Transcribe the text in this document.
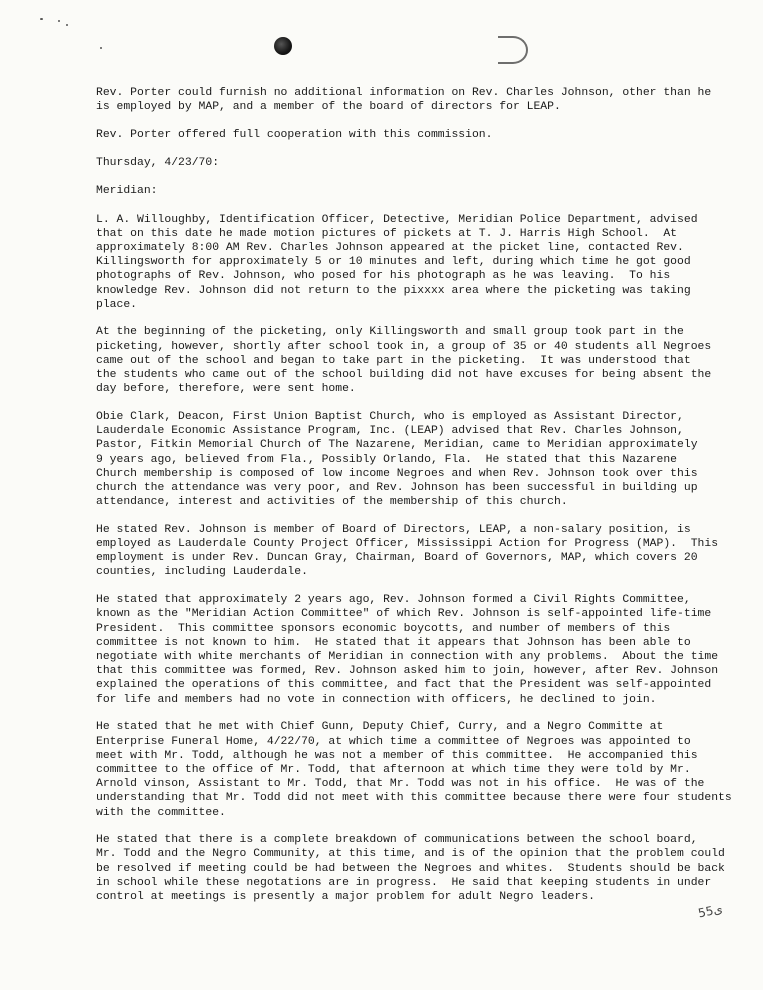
Rev. Porter could furnish no additional information on Rev. Charles Johnson, other than he
is employed by MAP, and a member of the board of directors for LEAP.

Rev. Porter offered full cooperation with this commission.

Thursday, 4/23/70:

Meridian:

L. A. Willoughby, Identification Officer, Detective, Meridian Police Department, advised
that on this date he made motion pictures of pickets at T. J. Harris High School.  At
approximately 8:00 AM Rev. Charles Johnson appeared at the picket line, contacted Rev.
Killingsworth for approximately 5 or 10 minutes and left, during which time he got good
photographs of Rev. Johnson, who posed for his photograph as he was leaving.  To his
knowledge Rev. Johnson did not return to the pixxxx area where the picketing was taking
place.

At the beginning of the picketing, only Killingsworth and small group took part in the
picketing, however, shortly after school took in, a group of 35 or 40 students all Negroes
came out of the school and began to take part in the picketing.  It was understood that
the students who came out of the school building did not have excuses for being absent the
day before, therefore, were sent home.

Obie Clark, Deacon, First Union Baptist Church, who is employed as Assistant Director,
Lauderdale Economic Assistance Program, Inc. (LEAP) advised that Rev. Charles Johnson,
Pastor, Fitkin Memorial Church of The Nazarene, Meridian, came to Meridian approximately
9 years ago, believed from Fla., Possibly Orlando, Fla.  He stated that this Nazarene
Church membership is composed of low income Negroes and when Rev. Johnson took over this
church the attendance was very poor, and Rev. Johnson has been successful in building up
attendance, interest and activities of the membership of this church.

He stated Rev. Johnson is member of Board of Directors, LEAP, a non-salary position, is
employed as Lauderdale County Project Officer, Mississippi Action for Progress (MAP).  This
employment is under Rev. Duncan Gray, Chairman, Board of Governors, MAP, which covers 20
counties, including Lauderdale.

He stated that approximately 2 years ago, Rev. Johnson formed a Civil Rights Committee,
known as the "Meridian Action Committee" of which Rev. Johnson is self-appointed life-time
President.  This committee sponsors economic boycotts, and number of members of this
committee is not known to him.  He stated that it appears that Johnson has been able to
negotiate with white merchants of Meridian in connection with any problems.  About the time
that this committee was formed, Rev. Johnson asked him to join, however, after Rev. Johnson
explained the operations of this committee, and fact that the President was self-appointed
for life and members had no vote in connection with officers, he declined to join.

He stated that he met with Chief Gunn, Deputy Chief, Curry, and a Negro Committe at
Enterprise Funeral Home, 4/22/70, at which time a committee of Negroes was appointed to
meet with Mr. Todd, although he was not a member of this committee.  He accompanied this
committee to the office of Mr. Todd, that afternoon at which time they were told by Mr.
Arnold vinson, Assistant to Mr. Todd, that Mr. Todd was not in his office.  He was of the
understanding that Mr. Todd did not meet with this committee because there were four students
with the committee.

He stated that there is a complete breakdown of communications between the school board,
Mr. Todd and the Negro Community, at this time, and is of the opinion that the problem could
be resolved if meeting could be had between the Negroes and whites.  Students should be back
in school while these negotations are in progress.  He said that keeping students in under
control at meetings is presently a major problem for adult Negro leaders.

ى55
